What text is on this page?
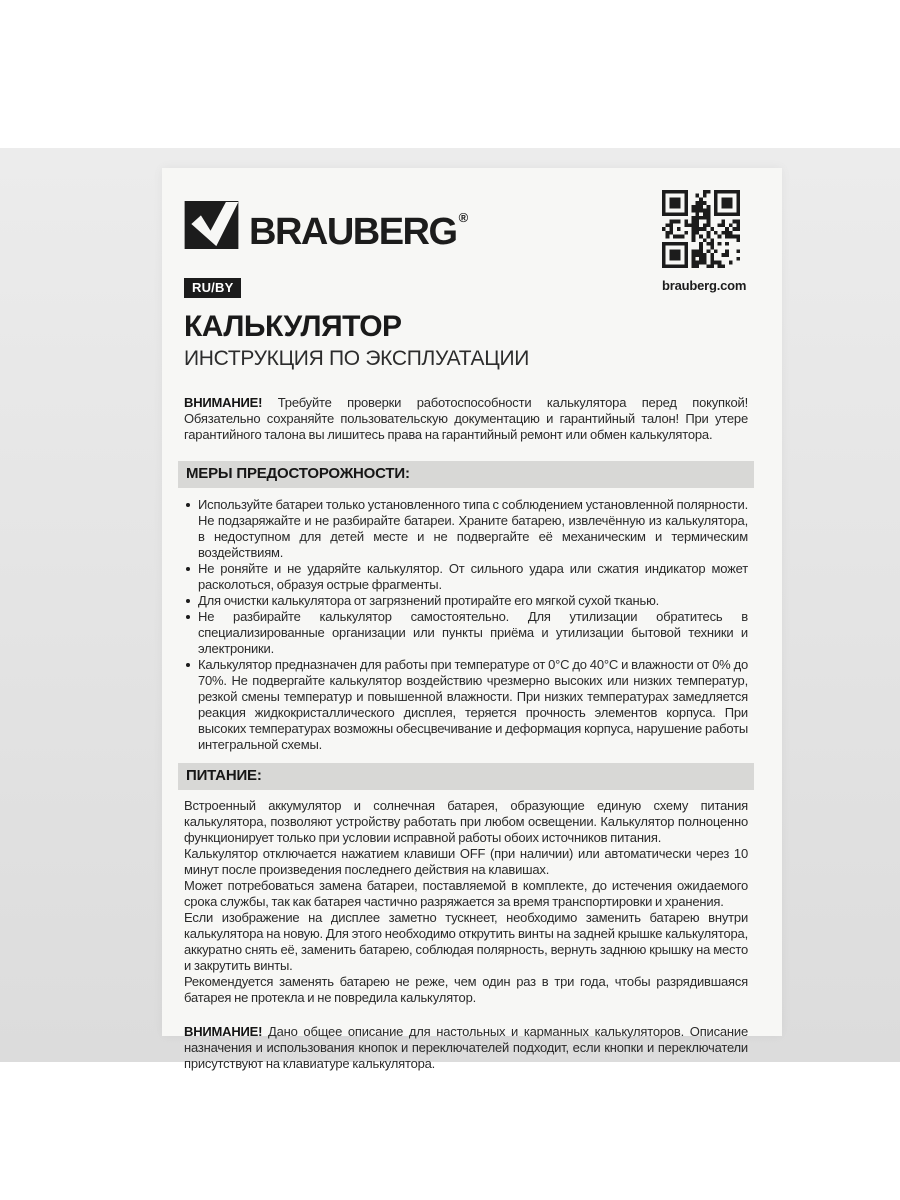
BRAUBERG ®
brauberg.com
RU/BY
КАЛЬКУЛЯТОР
ИНСТРУКЦИЯ ПО ЭКСПЛУАТАЦИИ

ВНИМАНИЕ! Требуйте проверки работоспособности калькулятора перед покупкой! Обязательно сохраняйте пользовательскую документацию и гарантийный талон! При утере гарантийного талона вы лишитесь права на гарантийный ремонт или обмен калькулятора.

МЕРЫ ПРЕДОСТОРОЖНОСТИ:
Используйте батареи только установленного типа с соблюдением установленной полярности. Не подзаряжайте и не разбирайте батареи. Храните батарею, извлечённую из калькулятора, в недоступном для детей месте и не подвергайте её механическим и термическим воздействиям.
Не роняйте и не ударяйте калькулятор. От сильного удара или сжатия индикатор может расколоться, образуя острые фрагменты.
Для очистки калькулятора от загрязнений протирайте его мягкой сухой тканью.
Не разбирайте калькулятор самостоятельно. Для утилизации обратитесь в специализированные организации или пункты приёма и утилизации бытовой техники и электроники.
Калькулятор предназначен для работы при температуре от 0°С до 40°С и влажности от 0% до 70%. Не подвергайте калькулятор воздействию чрезмерно высоких или низких температур, резкой смены температур и повышенной влажности. При низких температурах замедляется реакция жидкокристаллического дисплея, теряется прочность элементов корпуса. При высоких температурах возможны обесцвечивание и деформация корпуса, нарушение работы интегральной схемы.
ПИТАНИЕ:

Встроенный аккумулятор и солнечная батарея, образующие единую схему питания калькулятора, позволяют устройству работать при любом освещении. Калькулятор полноценно функционирует только при условии исправной работы обоих источников питания.

Калькулятор отключается нажатием клавиши OFF (при наличии) или автоматически через 10 минут после произведения последнего действия на клавишах.

Может потребоваться замена батареи, поставляемой в комплекте, до истечения ожидаемого срока службы, так как батарея частично разряжается за время транспортировки и хранения.

Если изображение на дисплее заметно тускнеет, необходимо заменить батарею внутри калькулятора на новую. Для этого необходимо открутить винты на задней крышке калькулятора, аккуратно снять её, заменить батарею, соблюдая полярность, вернуть заднюю крышку на место и закрутить винты.

Рекомендуется заменять батарею не реже, чем один раз в три года, чтобы разрядившаяся батарея не протекла и не повредила калькулятор.

ВНИМАНИЕ! Дано общее описание для настольных и карманных калькуляторов. Описание назначения и использования кнопок и переключателей подходит, если кнопки и переключатели присутствуют на клавиатуре калькулятора.
